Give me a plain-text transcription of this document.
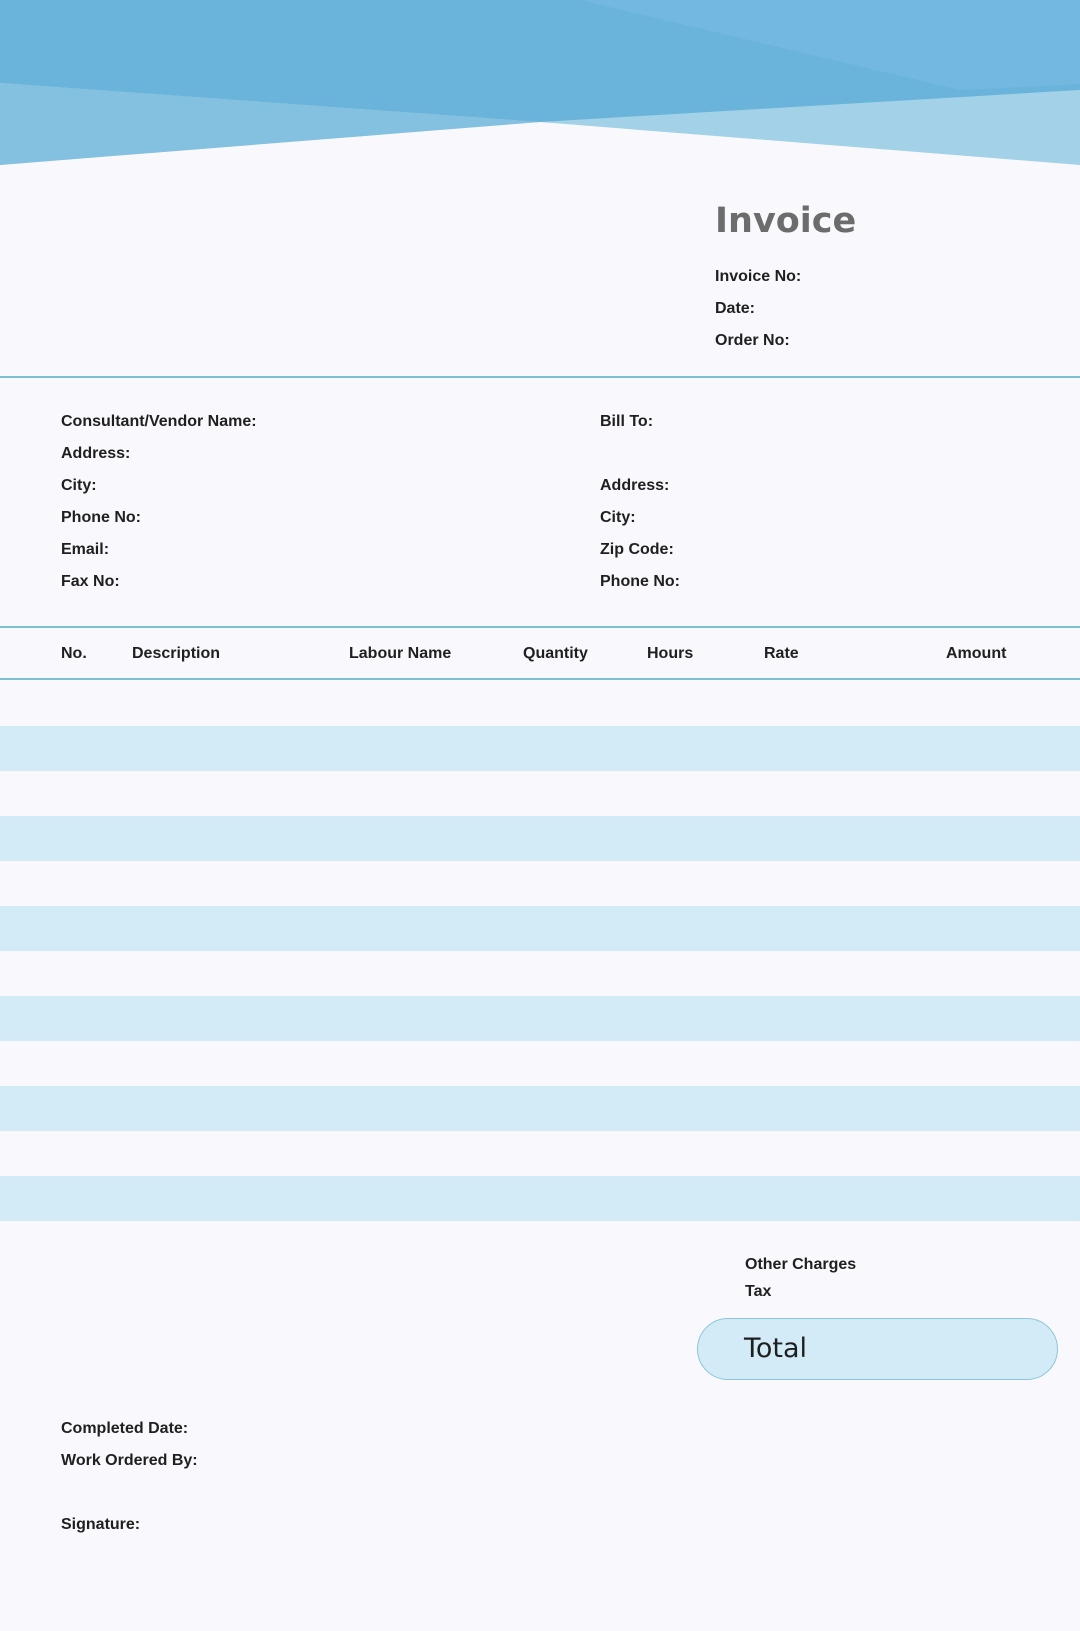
Invoice
Invoice No:
Date:
Order No:
Consultant/Vendor Name:
Address:
City:
Phone No:
Email:
Fax No:
Bill To:
Address:
City:
Zip Code:
Phone No:
No.	Description	Labour Name	Quantity	Hours	Rate	Amount
Other Charges
Tax
Total
Completed Date:
Work Ordered By:
Signature:
